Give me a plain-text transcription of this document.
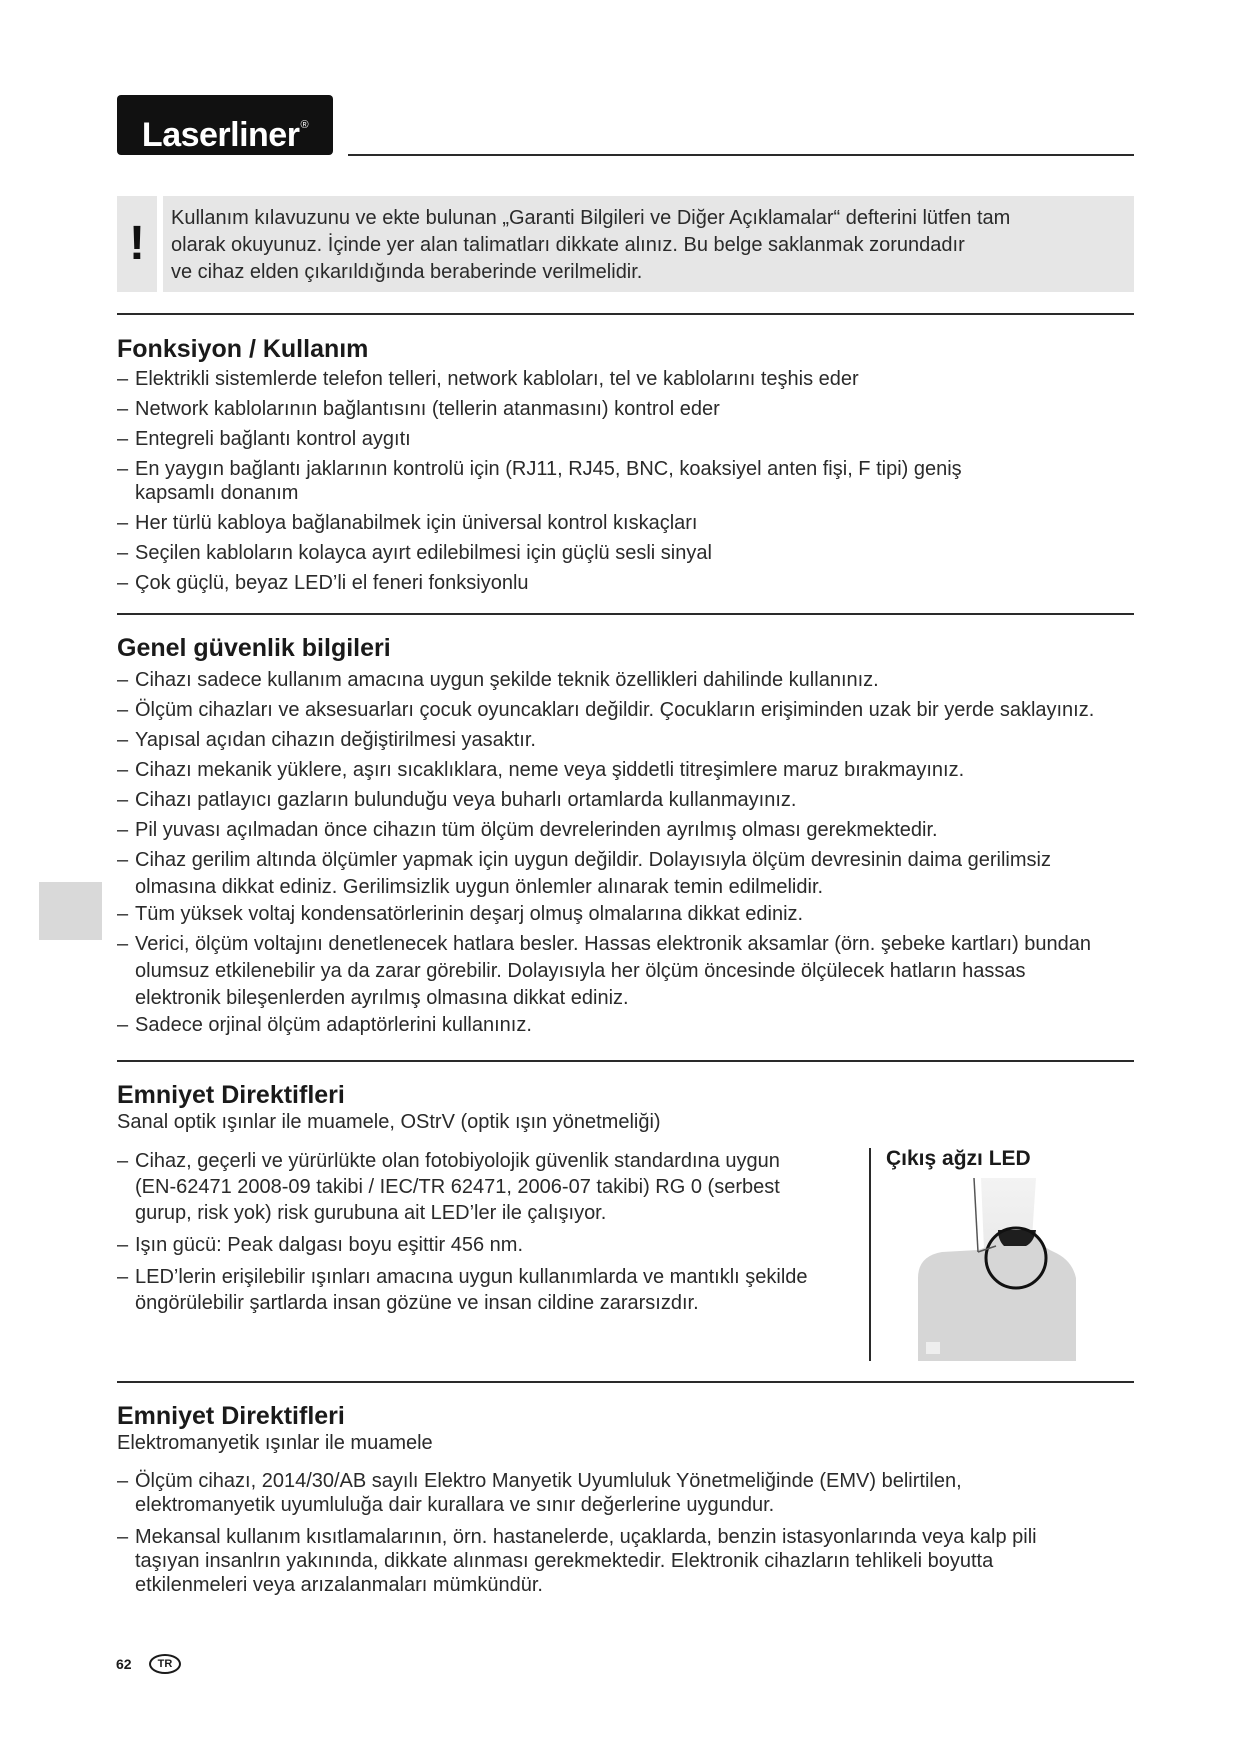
Laserliner®
!	Kullanım kılavuzunu ve ekte bulunan „Garanti Bilgileri ve Diğer Açıklamalar“ defterini lütfen tam

olarak okuyunuz. İçinde yer alan talimatları dikkate alınız. Bu belge saklanmak zorundadır

ve cihaz elden çıkarıldığında beraberinde verilmelidir.

Fonksiyon / Kullanım
– Elektrikli sistemlerde telefon telleri, network kabloları, tel ve kablolarını teşhis eder
– Network kablolarının bağlantısını (tellerin atanmasını) kontrol eder
– Entegreli bağlantı kontrol aygıtı
– En yaygın bağlantı jaklarının kontrolü için (RJ11, RJ45, BNC, koaksiyel anten fişi, F tipi) geniş kapsamlı donanım
– Her türlü kabloya bağlanabilmek için üniversal kontrol kıskaçları
– Seçilen kabloların kolayca ayırt edilebilmesi için güçlü sesli sinyal
– Çok güçlü, beyaz LED’li el feneri fonksiyonlu
Genel güvenlik bilgileri
– Cihazı sadece kullanım amacına uygun şekilde teknik özellikleri dahilinde kullanınız.
– Ölçüm cihazları ve aksesuarları çocuk oyuncakları değildir. Çocukların erişiminden uzak bir yerde saklayınız.
– Yapısal açıdan cihazın değiştirilmesi yasaktır.
– Cihazı mekanik yüklere, aşırı sıcaklıklara, neme veya şiddetli titreşimlere maruz bırakmayınız.
– Cihazı patlayıcı gazların bulunduğu veya buharlı ortamlarda kullanmayınız.
– Pil yuvası açılmadan önce cihazın tüm ölçüm devrelerinden ayrılmış olması gerekmektedir.
– Cihaz gerilim altında ölçümler yapmak için uygun değildir. Dolayısıyla ölçüm devresinin daima gerilimsiz olmasına dikkat ediniz. Gerilimsizlik uygun önlemler alınarak temin edilmelidir.
– Tüm yüksek voltaj kondensatörlerinin deşarj olmuş olmalarına dikkat ediniz.
– Verici, ölçüm voltajını denetlenecek hatlara besler. Hassas elektronik aksamlar (örn. şebeke kartları) bundan olumsuz etkilenebilir ya da zarar görebilir. Dolayısıyla her ölçüm öncesinde ölçülecek hatların hassas elektronik bileşenlerden ayrılmış olmasına dikkat ediniz.
– Sadece orjinal ölçüm adaptörlerini kullanınız.
Emniyet Direktifleri

Sanal optik ışınlar ile muamele, OStrV (optik ışın yönetmeliği)

– Cihaz, geçerli ve yürürlükte olan fotobiyolojik güvenlik standardına uygun (EN-62471 2008-09 takibi / IEC/TR 62471, 2006-07 takibi) RG 0 (serbest gurup, risk yok) risk gurubuna ait LED’ler ile çalışıyor.
– Işın gücü: Peak dalgası boyu eşittir 456 nm.
– LED’lerin erişilebilir ışınları amacına uygun kullanımlarda ve mantıklı şekilde öngörülebilir şartlarda insan gözüne ve insan cildine zararsızdır.

Çıkış ağzı LED

Emniyet Direktifleri

Elektromanyetik ışınlar ile muamele

– Ölçüm cihazı, 2014/30/AB sayılı Elektro Manyetik Uyumluluk Yönetmeliğinde (EMV) belirtilen, elektromanyetik uyumluluğa dair kurallara ve sınır değerlerine uygundur.
– Mekansal kullanım kısıtlamalarının, örn. hastanelerde, uçaklarda, benzin istasyonlarında veya kalp pili taşıyan insanlrın yakınında, dikkate alınması gerekmektedir. Elektronik cihazların tehlikeli boyutta etkilenmeleri veya arızalanmaları mümkündür.
62	TR
